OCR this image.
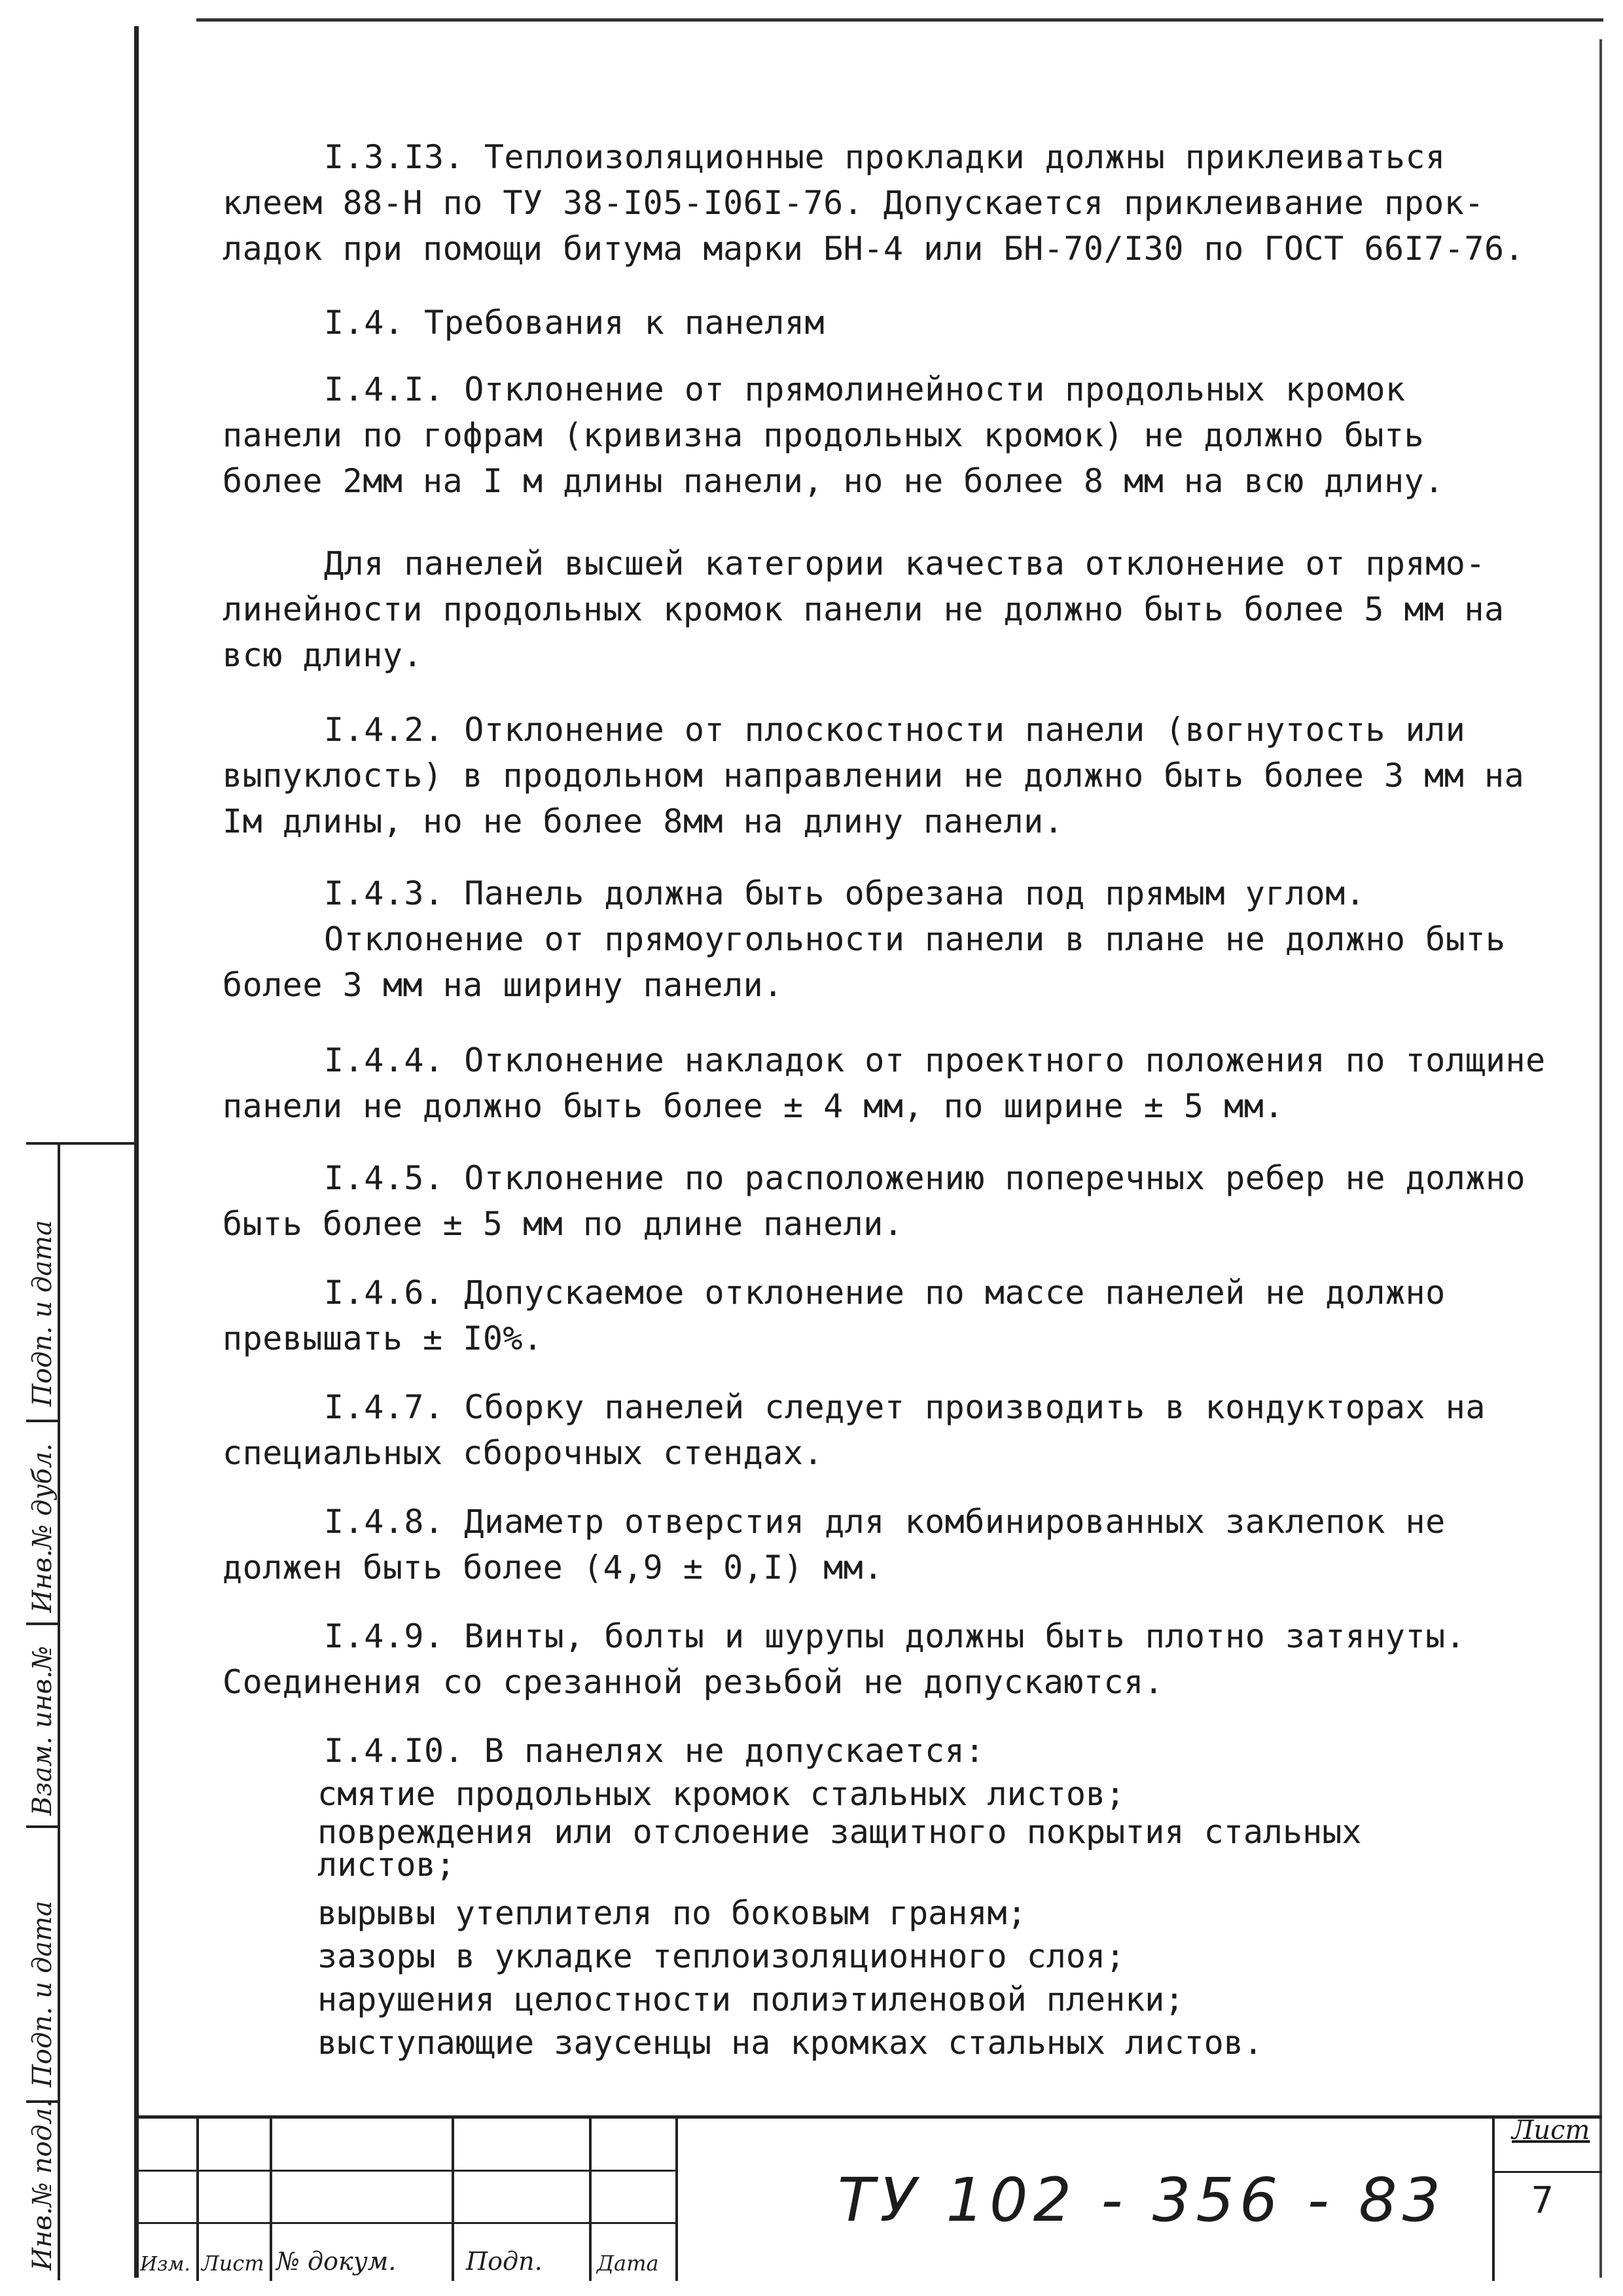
I.3.I3. Теплоизоляционные прокладки должны приклеиваться
клеем 88-Н по ТУ 38-I05-I06I-76. Допускается приклеивание прок-
ладок при помощи битума марки БН-4 или БН-70/I30 по ГОСТ 66I7-76.
I.4. Требования к панелям
I.4.I. Отклонение от прямолинейности продольных кромок
панели по гофрам (кривизна продольных кромок) не должно быть
более 2мм на I м длины панели, но не более 8 мм на всю длину.
Для панелей высшей категории качества отклонение от прямо-
линейности продольных кромок панели не должно быть более 5 мм на
всю длину.
I.4.2. Отклонение от плоскостности панели (вогнутость или
выпуклость) в продольном направлении не должно быть более 3 мм на
Iм длины, но не более 8мм на длину панели.
I.4.3. Панель должна быть обрезана под прямым углом.
Отклонение от прямоугольности панели в плане не должно быть
более 3 мм на ширину панели.
I.4.4. Отклонение накладок от проектного положения по толщине
панели не должно быть более ± 4 мм, по ширине ± 5 мм.
I.4.5. Отклонение по расположению поперечных ребер не должно
быть более ± 5 мм по длине панели.
I.4.6. Допускаемое отклонение по массе панелей не должно
превышать ± I0%.
I.4.7. Сборку панелей следует производить в кондукторах на
специальных сборочных стендах.
I.4.8. Диаметр отверстия для комбинированных заклепок не
должен быть более (4,9 ± 0,I) мм.
I.4.9. Винты, болты и шурупы должны быть плотно затянуты.
Соединения со срезанной резьбой не допускаются.
I.4.I0. В панелях не допускается:
смятие продольных кромок стальных листов;
повреждения или отслоение защитного покрытия стальных листов;
вырывы утеплителя по боковым граням;
зазоры в укладке теплоизоляционного слоя;
нарушения целостности полиэтиленовой пленки;
выступающие заусенцы на кромках стальных листов.
Подп. и дата
Инв.№ дубл.
Взам. инв.№
Подп. и дата
Инв.№ подл.	Изм. Лист № докум.	Подп.	Дата
ТУ 102 - 356 - 83
Лист
7
